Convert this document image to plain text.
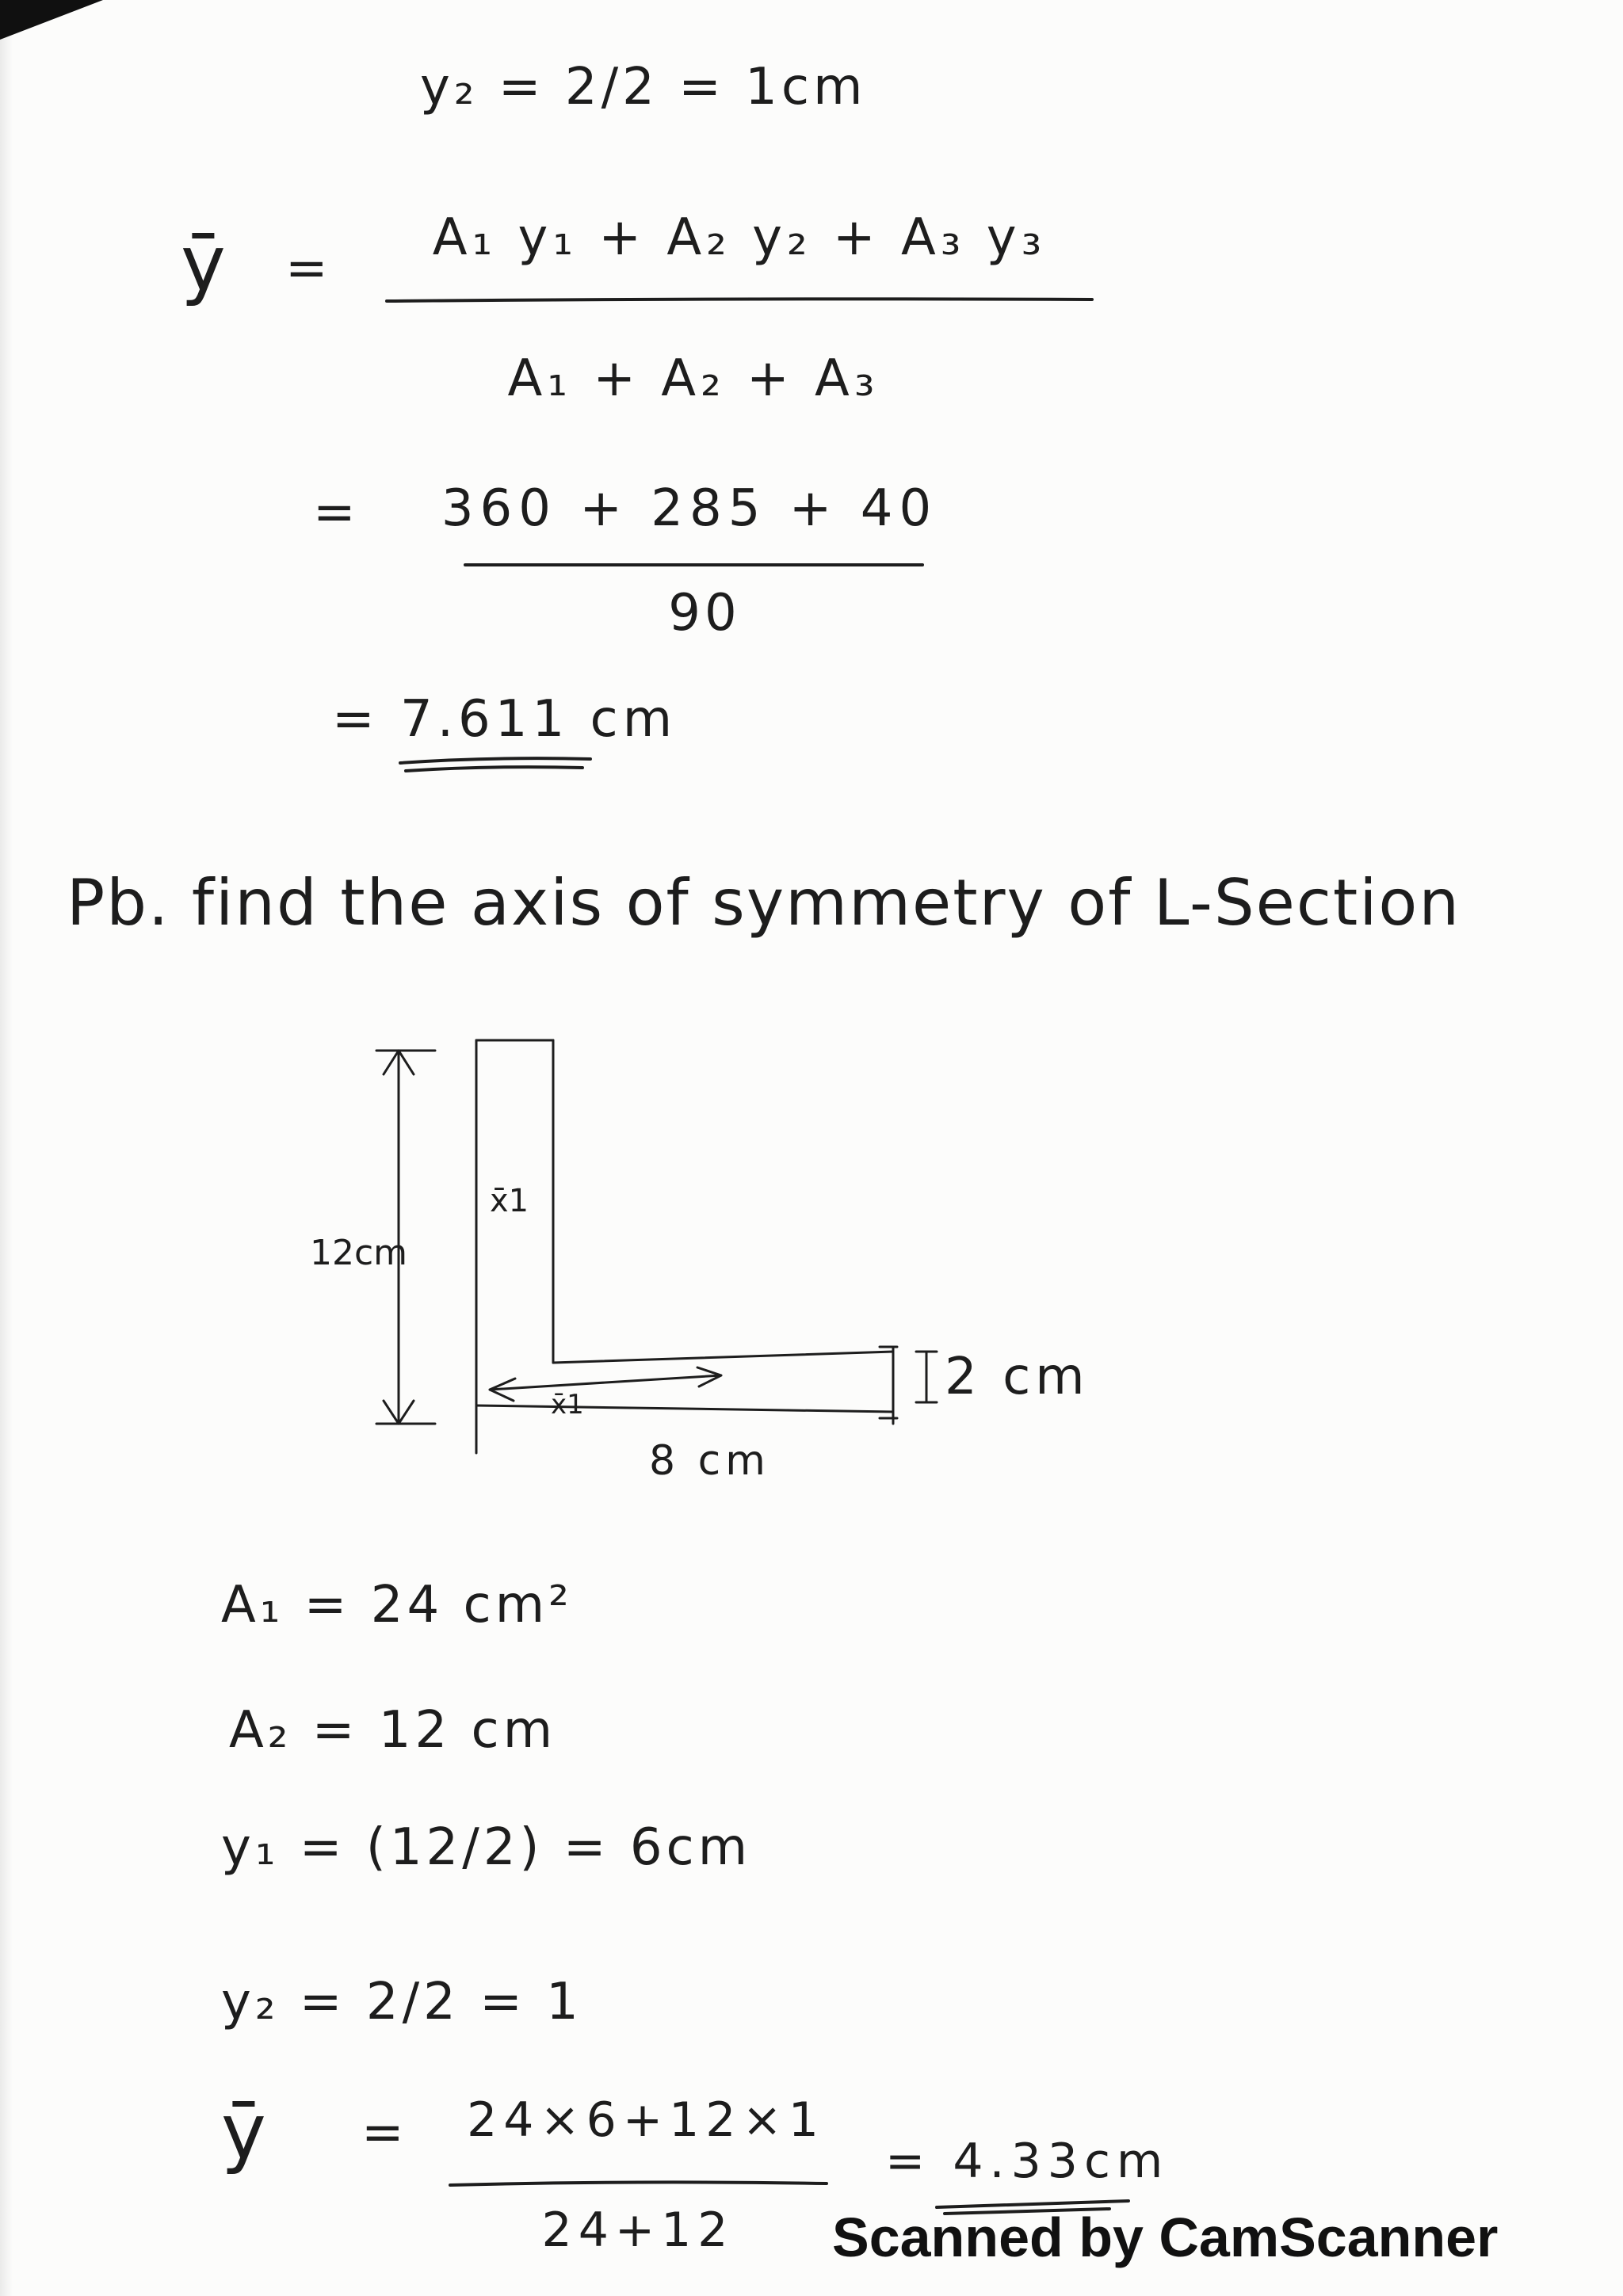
y₂ = 2/2 = 1cm
ȳ =
A₁ y₁ + A₂ y₂ + A₃ y₃
A₁ + A₂ + A₃
= 360 + 285 + 40
90
= 7.611 cm
Pb. find the axis of symmetry of L-Section
12cm
x̄1
x̄1	2 cm
8 cm
A₁ = 24 cm²
A₂ = 12 cm
y₁ = (12/2) = 6cm
y₂ = 2/2 = 1
ȳ = 24×6+12×1
24+12
= 4.33cm
Scanned by CamScanner
